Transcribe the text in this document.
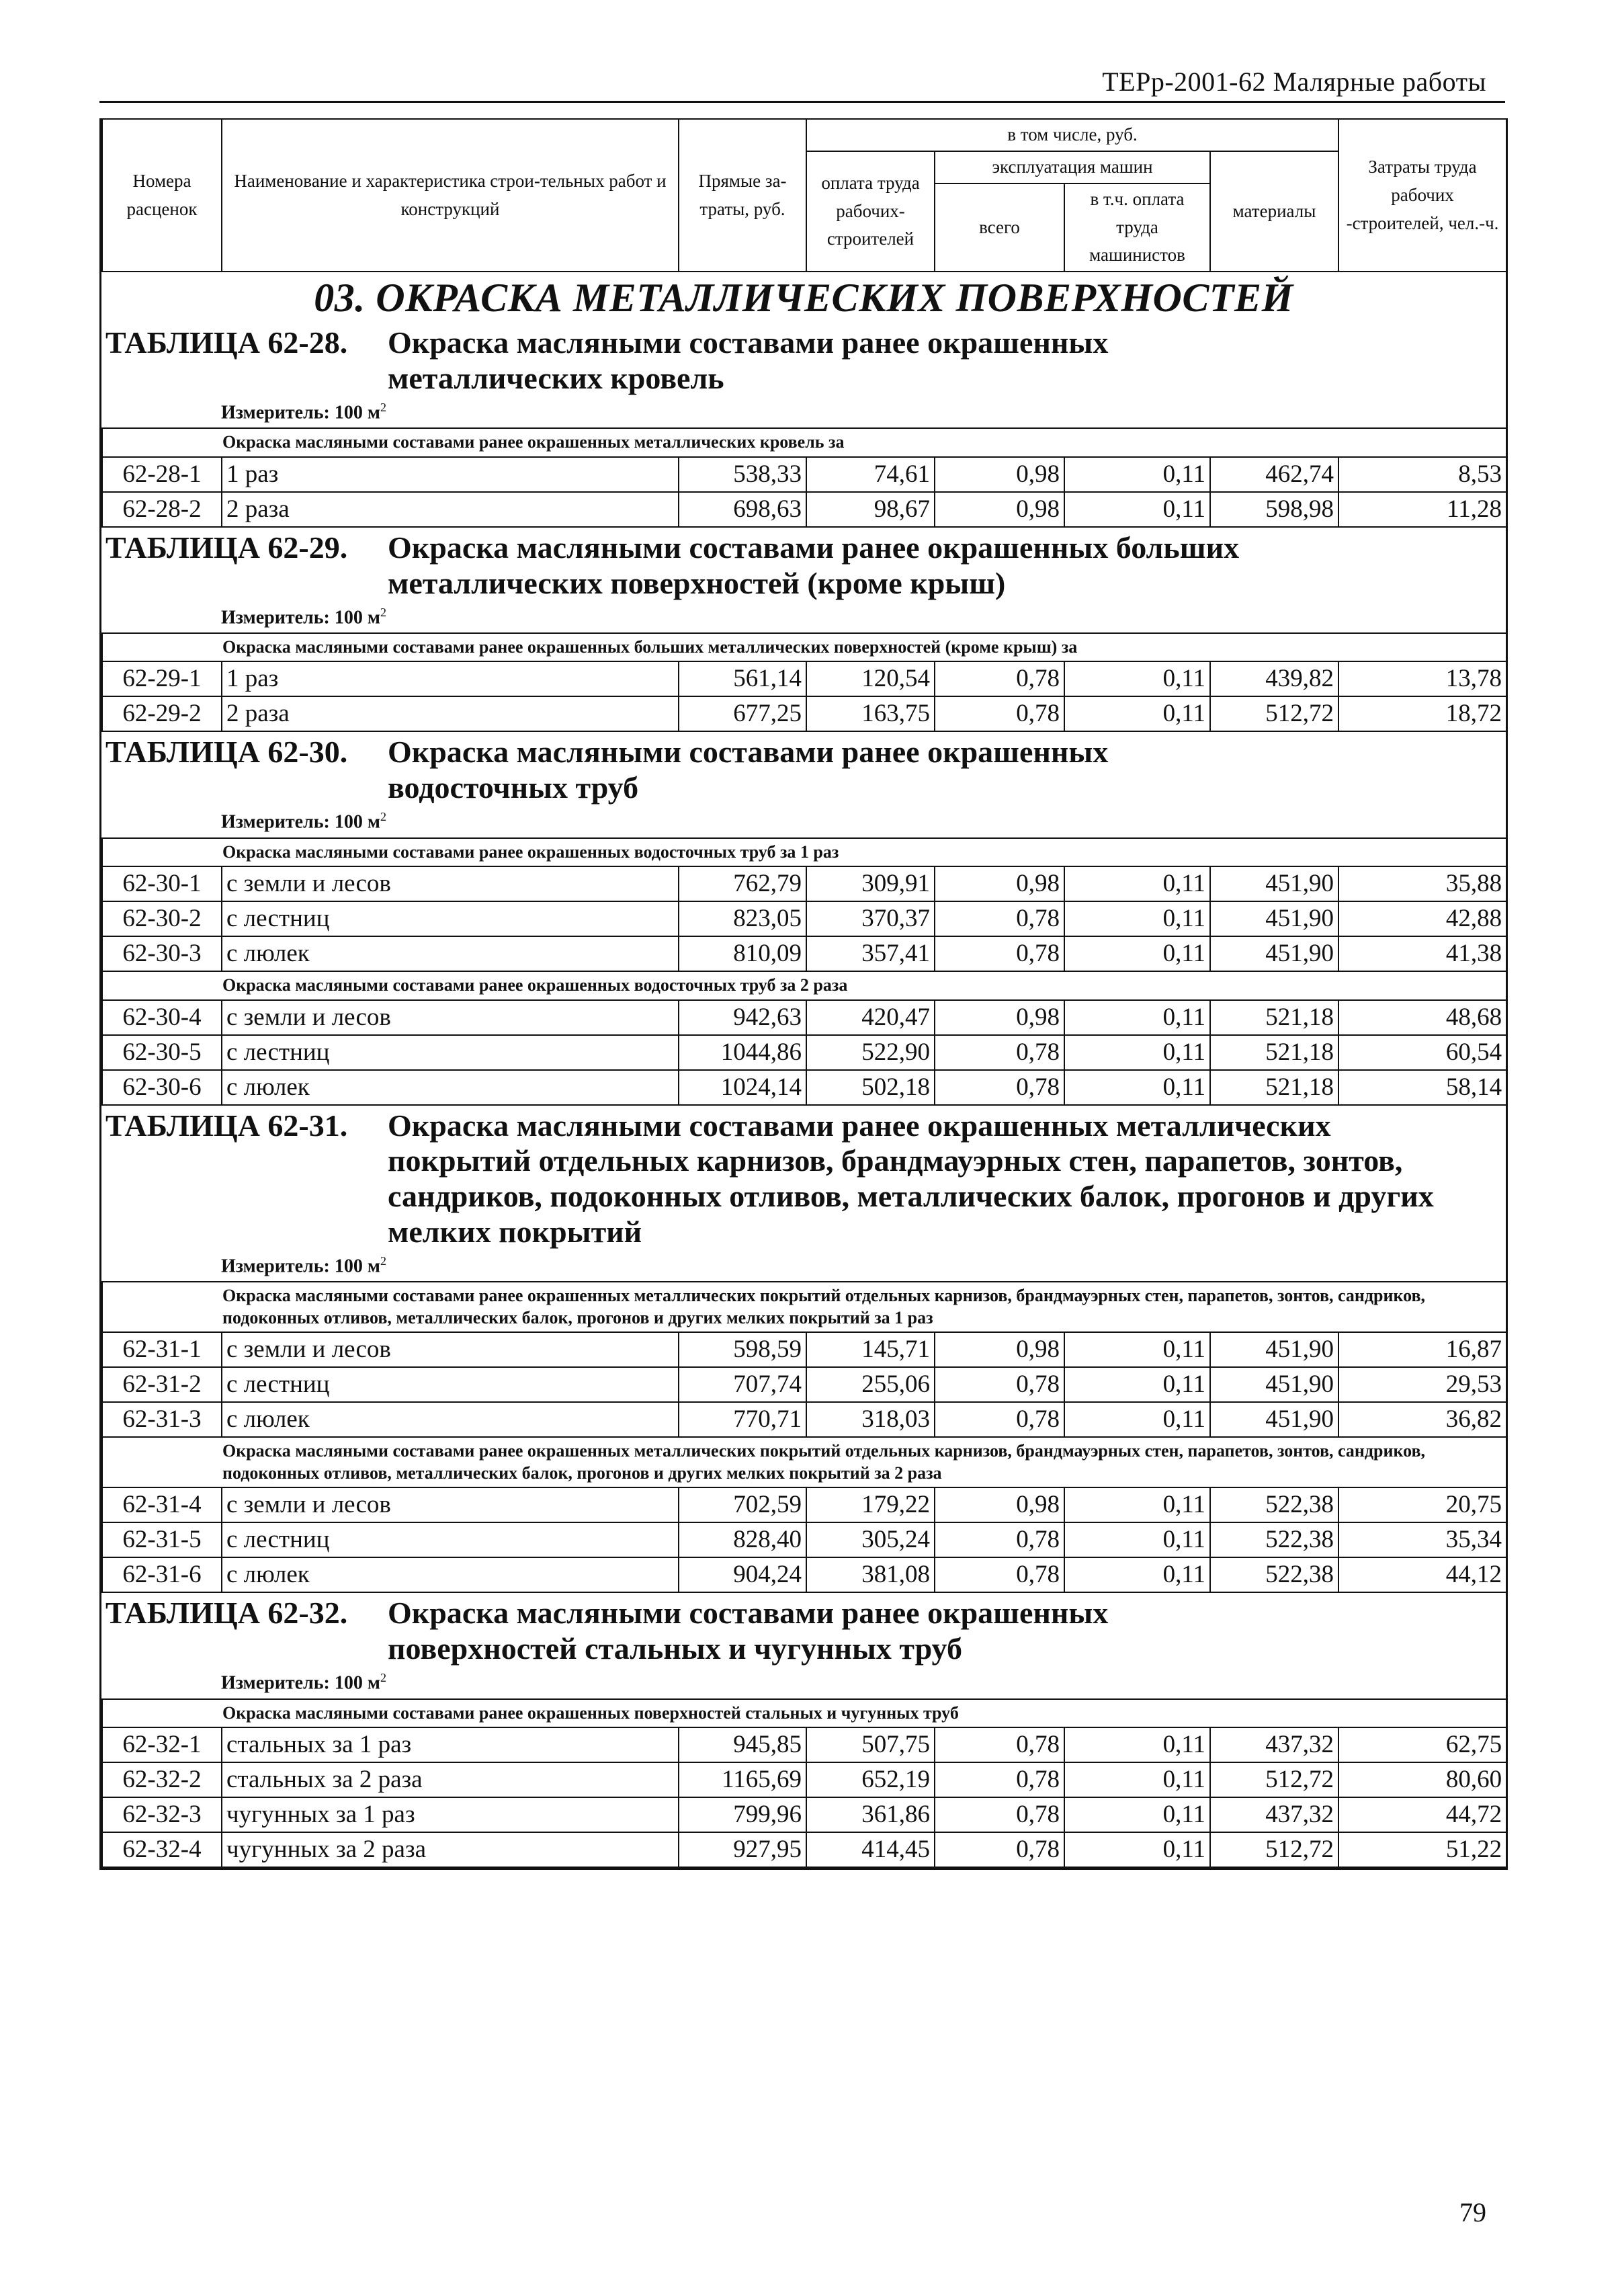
ТЕРр-2001-62 Малярные работы
Номера расценок	Наименование и характеристика строи-тельных работ и конструкций	Прямые за-траты, руб.	в том числе, руб.				Затраты труда рабочих -строителей, чел.-ч.
			оплата труда рабочих-строителей	эксплуатация машин		материалы	
				всего	в т.ч. оплата труда машинистов		

03. ОКРАСКА МЕТАЛЛИЧЕСКИХ ПОВЕРХНОСТЕЙ
ТАБЛИЦА 62-28. Окраска масляными составами ранее окрашенных
металлических кровель
Измеритель: 100 $м^2$
Окраска масляными составами ранее окрашенных металлических кровель за							
62-28-1	1 раз	538,33	74,61	0,98	0,11	462,74	8,53
62-28-2	2 раза	698,63	98,67	0,98	0,11	598,98	11,28
ТАБЛИЦА 62-29. Окраска масляными составами ранее окрашенных больших
металлических поверхностей (кроме крыш)
Измеритель: 100 $м^2$
Окраска масляными составами ранее окрашенных больших металлических поверхностей (кроме крыш) за							
62-29-1	1 раз	561,14	120,54	0,78	0,11	439,82	13,78
62-29-2	2 раза	677,25	163,75	0,78	0,11	512,72	18,72
ТАБЛИЦА 62-30. Окраска масляными составами ранее окрашенных
водосточных труб
Измеритель: 100 $м^2$
Окраска масляными составами ранее окрашенных водосточных труб за 1 раз							
62-30-1	с земли и лесов	762,79	309,91	0,98	0,11	451,90	35,88
62-30-2	с лестниц	823,05	370,37	0,78	0,11	451,90	42,88
62-30-3	с люлек	810,09	357,41	0,78	0,11	451,90	41,38
Окраска масляными составами ранее окрашенных водосточных труб за 2 раза							
62-30-4	с земли и лесов	942,63	420,47	0,98	0,11	521,18	48,68
62-30-5	с лестниц	1044,86	522,90	0,78	0,11	521,18	60,54
62-30-6	с люлек	1024,14	502,18	0,78	0,11	521,18	58,14
ТАБЛИЦА 62-31. Окраска масляными составами ранее окрашенных металлических
покрытий отдельных карнизов, брандмауэрных стен, парапетов, зонтов, сандриков, подоконных отливов, металлических балок, прогонов и других мелких покрытий
Измеритель: 100 $м^2$
Окраска масляными составами ранее окрашенных металлических покрытий отдельных карнизов, брандмауэрных стен, парапетов, зонтов, сандриков, подоконных отливов, металлических балок, прогонов и других мелких покрытий за 1 раз							
62-31-1	с земли и лесов	598,59	145,71	0,98	0,11	451,90	16,87
62-31-2	с лестниц	707,74	255,06	0,78	0,11	451,90	29,53
62-31-3	с люлек	770,71	318,03	0,78	0,11	451,90	36,82
Окраска масляными составами ранее окрашенных металлических покрытий отдельных карнизов, брандмауэрных стен, парапетов, зонтов, сандриков, подоконных отливов, металлических балок, прогонов и других мелких покрытий за 2 раза							
62-31-4	с земли и лесов	702,59	179,22	0,98	0,11	522,38	20,75
62-31-5	с лестниц	828,40	305,24	0,78	0,11	522,38	35,34
62-31-6	с люлек	904,24	381,08	0,78	0,11	522,38	44,12
ТАБЛИЦА 62-32. Окраска масляными составами ранее окрашенных
поверхностей стальных и чугунных труб
Измеритель: 100 $м^2$
Окраска масляными составами ранее окрашенных поверхностей стальных и чугунных труб							
62-32-1	стальных за 1 раз	945,85	507,75	0,78	0,11	437,32	62,75
62-32-2	стальных за 2 раза	1165,69	652,19	0,78	0,11	512,72	80,60
62-32-3	чугунных за 1 раз	799,96	361,86	0,78	0,11	437,32	44,72
62-32-4	чугунных за 2 раза	927,95	414,45	0,78	0,11	512,72	51,22
79
